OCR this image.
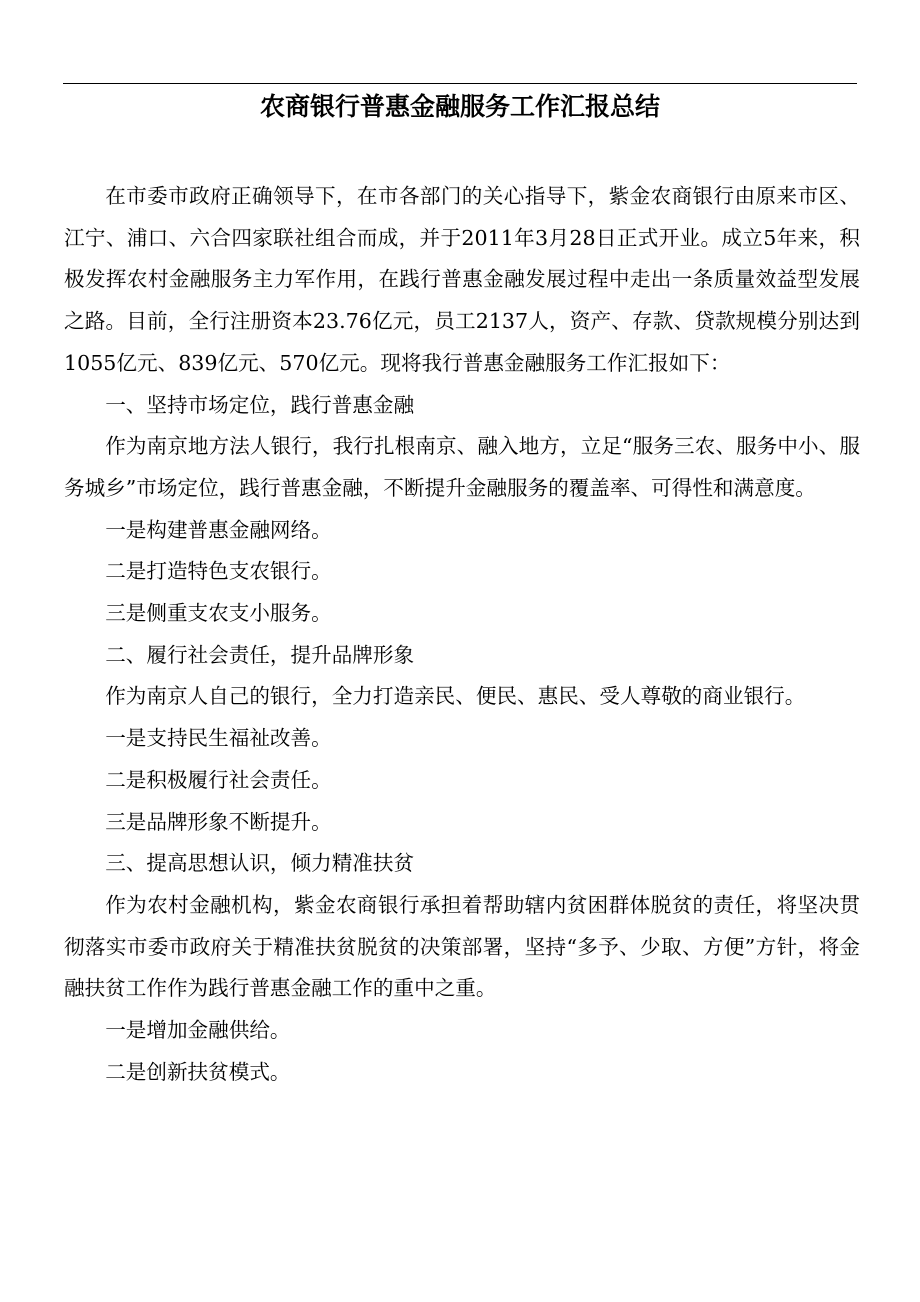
农商银行普惠金融服务工作汇报总结

在市委市政府正确领导下，在市各部门的关心指导下，紫金农商银行由原来市区、江宁、浦口、六合四家联社组合而成，并于2011年3月28日正式开业。成立5年来，积极发挥农村金融服务主力军作用，在践行普惠金融发展过程中走出一条质量效益型发展之路。目前，全行注册资本23.76亿元，员工2137人，资产、存款、贷款规模分别达到1055亿元、839亿元、570亿元。现将我行普惠金融服务工作汇报如下：

一、坚持市场定位，践行普惠金融

作为南京地方法人银行，我行扎根南京、融入地方，立足“服务三农、服务中小、服务城乡”市场定位，践行普惠金融，不断提升金融服务的覆盖率、可得性和满意度。

一是构建普惠金融网络。

二是打造特色支农银行。

三是侧重支农支小服务。

二、履行社会责任，提升品牌形象

作为南京人自己的银行，全力打造亲民、便民、惠民、受人尊敬的商业银行。

一是支持民生福祉改善。

二是积极履行社会责任。

三是品牌形象不断提升。

三、提高思想认识，倾力精准扶贫

作为农村金融机构，紫金农商银行承担着帮助辖内贫困群体脱贫的责任，将坚决贯彻落实市委市政府关于精准扶贫脱贫的决策部署，坚持“多予、少取、方便”方针，将金融扶贫工作作为践行普惠金融工作的重中之重。

一是增加金融供给。

二是创新扶贫模式。
